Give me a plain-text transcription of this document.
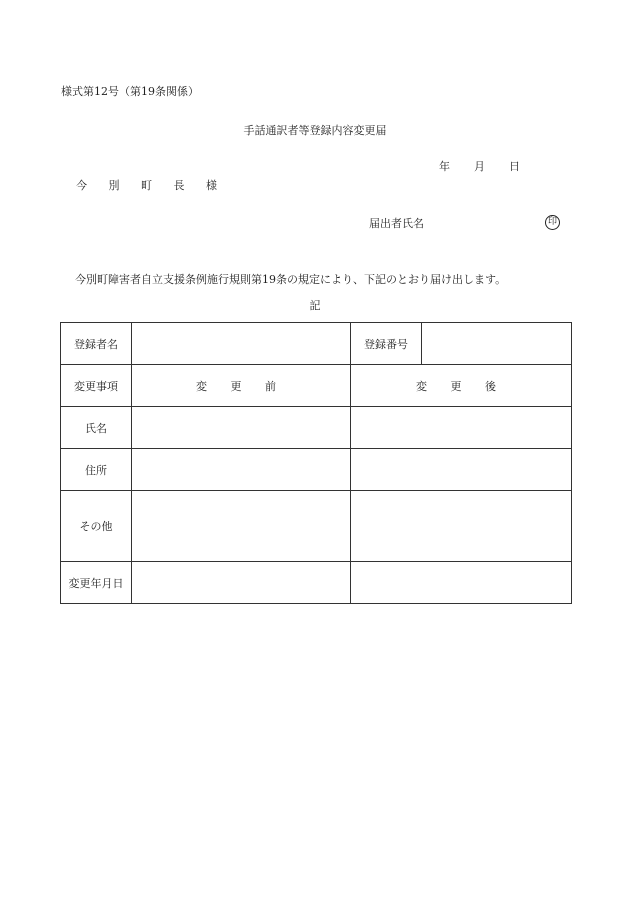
様式第12号（第19条関係）
手話通訳者等登録内容変更届
年 月 日
今 別 町 長 様
届出者氏名	印
今別町障害者自立支援条例施行規則第19条の規定により、下記のとおり届け出します。
記
登録者名		登録番号	
変更事項	変 更 前	変 更 後	
氏名			
住所			
その他			
変更年月日			
